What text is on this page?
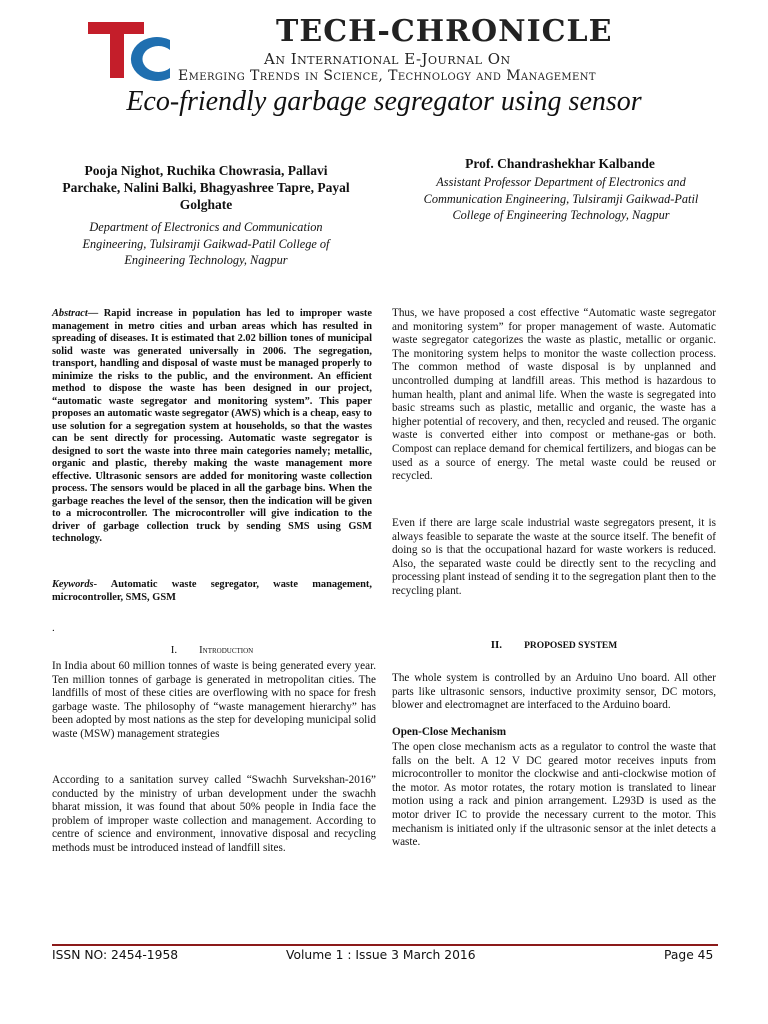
TECH-CHRONICLE
An International E-Journal On
Emerging Trends in Science, Technology and Management
Eco-friendly garbage segregator using sensor
Pooja Nighot, Ruchika Chowrasia, Pallavi Parchake, Nalini Balki, Bhagyashree Tapre, Payal Golghate
Department of Electronics and Communication Engineering, Tulsiramji Gaikwad-Patil College of Engineering Technology, Nagpur
Prof. Chandrashekhar Kalbande
Assistant Professor Department of Electronics and Communication Engineering, Tulsiramji Gaikwad-Patil College of Engineering Technology, Nagpur
Abstract— Rapid increase in population has led to improper waste management in metro cities and urban areas which has resulted in spreading of diseases. It is estimated that 2.02 billion tones of municipal solid waste was generated universally in 2006. The segregation, transport, handling and disposal of waste must be managed properly to minimize the risks to the public, and the environment. An efficient method to dispose the waste has been designed in our project, “automatic waste segregator and monitoring system”. This paper proposes an automatic waste segregator (AWS) which is a cheap, easy to use solution for a segregation system at households, so that the wastes can be sent directly for processing. Automatic waste segregator is designed to sort the waste into three main categories namely; metallic, organic and plastic, thereby making the waste management more effective. Ultrasonic sensors are added for monitoring waste collection process. The sensors would be placed in all the garbage bins. When the garbage reaches the level of the sensor, then the indication will be given to a microcontroller. The microcontroller will give indication to the driver of garbage collection truck by sending SMS using GSM technology.
Keywords- Automatic waste segregator, waste management, microcontroller, SMS, GSM
.
I. Introduction
In India about 60 million tonnes of waste is being generated every year. Ten million tonnes of garbage is generated in metropolitan cities. The landfills of most of these cities are overflowing with no space for fresh garbage waste. The philosophy of “waste management hierarchy” has been adopted by most nations as the step for developing municipal solid waste (MSW) management strategies
According to a sanitation survey called “Swachh Survekshan-2016” conducted by the ministry of urban development under the swachh bharat mission, it was found that about 50% people in India face the problem of improper waste collection and management. According to centre of science and environment, innovative disposal and recycling methods must be introduced instead of landfill sites.
Thus, we have proposed a cost effective “Automatic waste segregator and monitoring system” for proper management of waste. Automatic waste segregator categorizes the waste as plastic, metallic or organic. The monitoring system helps to monitor the waste collection process. The common method of waste disposal is by unplanned and uncontrolled dumping at landfill areas. This method is hazardous to human health, plant and animal life. When the waste is segregated into basic streams such as plastic, metallic and organic, the waste has a higher potential of recovery, and then, recycled and reused. The organic waste is converted either into compost or methane-gas or both. Compost can replace demand for chemical fertilizers, and biogas can be used as a source of energy. The metal waste could be reused or recycled.
Even if there are large scale industrial waste segregators present, it is always feasible to separate the waste at the source itself. The benefit of doing so is that the occupational hazard for waste workers is reduced. Also, the separated waste could be directly sent to the recycling and processing plant instead of sending it to the segregation plant then to the recycling plant.
II. PROPOSED SYSTEM
The whole system is controlled by an Arduino Uno board. All other parts like ultrasonic sensors, inductive proximity sensor, DC motors, blower and electromagnet are interfaced to the Arduino board.
Open-Close Mechanism
The open close mechanism acts as a regulator to control the waste that falls on the belt. A 12 V DC geared motor receives inputs from microcontroller to monitor the clockwise and anti-clockwise motion of the motor. As motor rotates, the rotary motion is translated to linear motion using a rack and pinion arrangement. L293D is used as the motor driver IC to provide the necessary current to the motor. This mechanism is initiated only if the ultrasonic sensor at the inlet detects a waste.
ISSN NO: 2454-1958	Volume 1 : Issue 3 March 2016	Page 45
